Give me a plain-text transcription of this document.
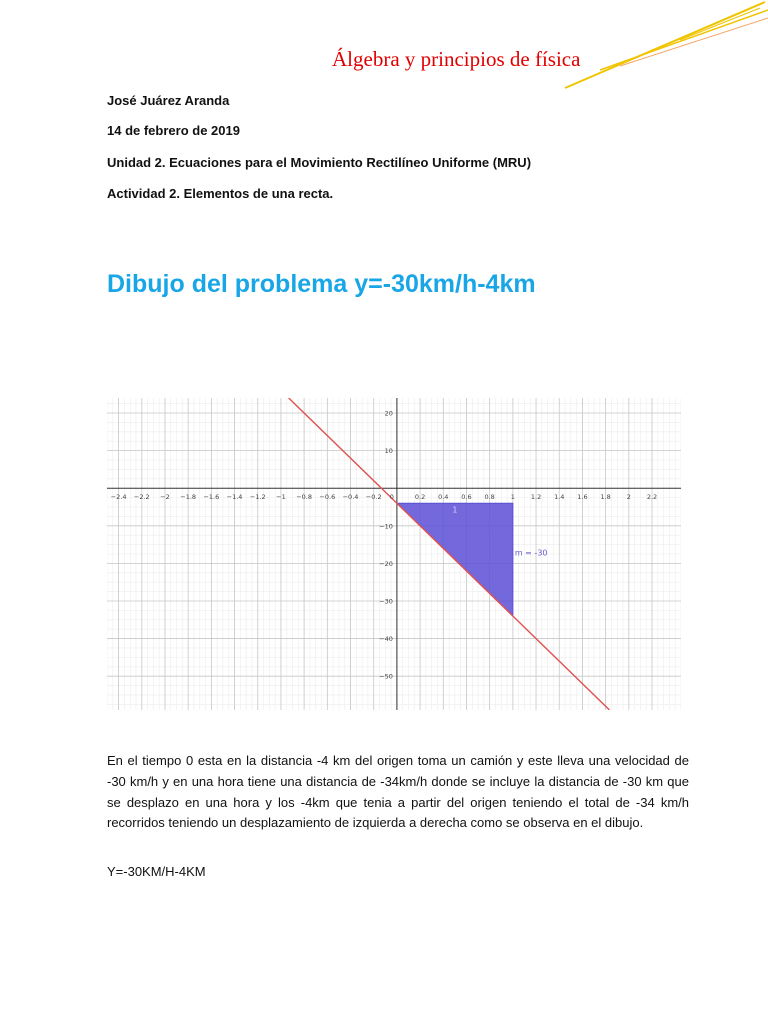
Álgebra y principios de física
José Juárez Aranda
14 de febrero de 2019
Unidad 2. Ecuaciones para el Movimiento Rectilíneo Uniforme (MRU)
Actividad 2. Elementos de una recta.
Dibujo del problema y=-30km/h-4km
−2.4 −2.2 −2 −1.8 −1.6 −1.4 −1.2 −1 −0.8 −0.6 −0.4 −0.2	0.2 0.4 0.6 0.8 1 1.2 1.4 1.6 1.8 2 2.2
0
20
10
−10
−20
−30
−40
−50
1
m = -30
En el tiempo 0 esta en la distancia -4 km del origen toma un camión y este lleva una velocidad de -30 km/h y en una hora tiene una distancia de -34km/h donde se incluye la distancia de -30 km que se desplazo en una hora y los -4km que tenia a partir del origen teniendo el total de -34 km/h recorridos teniendo un desplazamiento de izquierda a derecha como se observa en el dibujo.
Y=-30KM/H-4KM
